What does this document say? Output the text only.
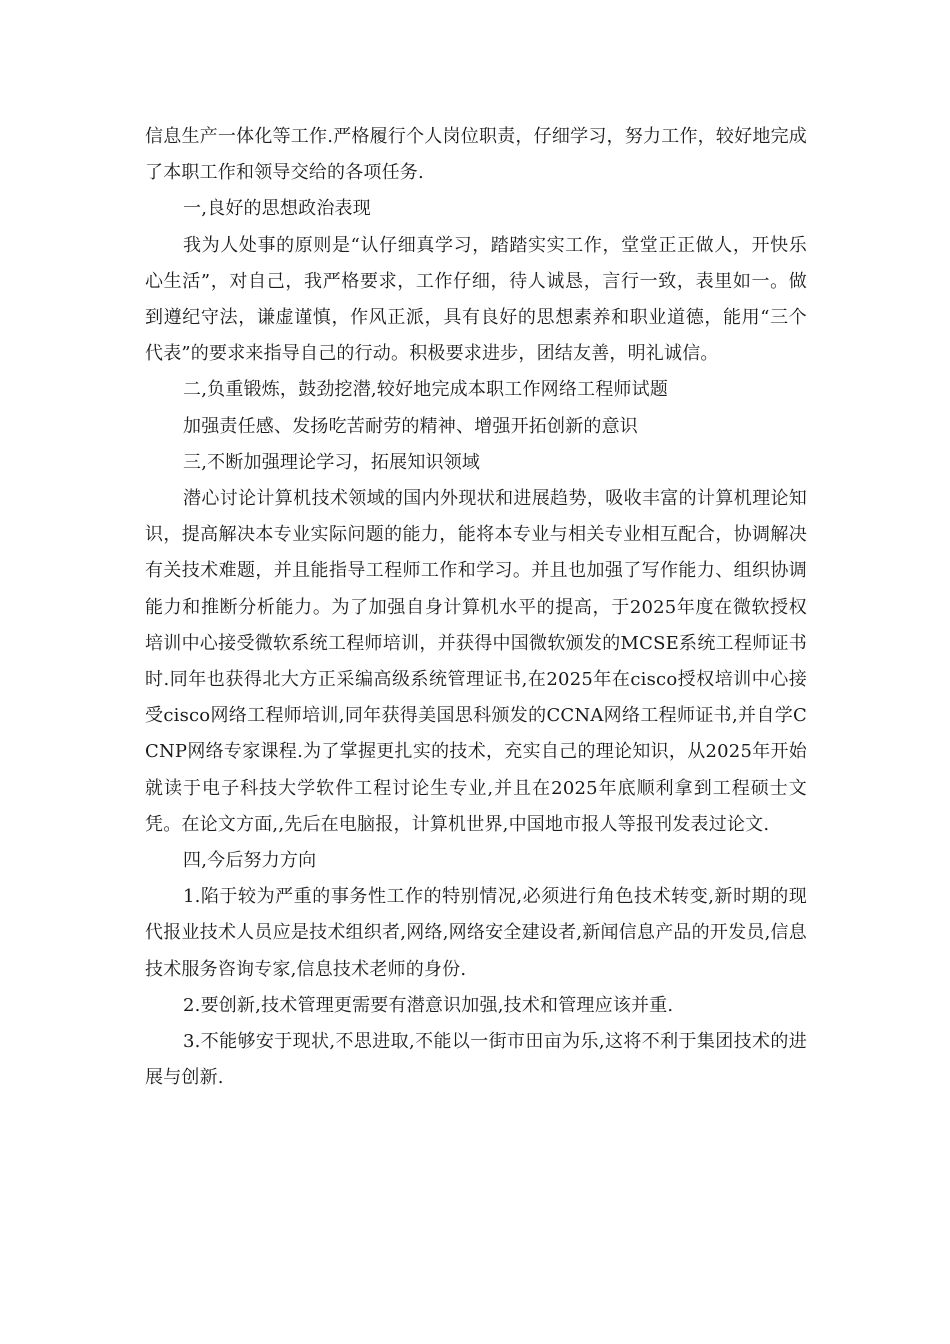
信息生产一体化等工作.严格履行个人岗位职责，仔细学习，努力工作，较好地完成了本职工作和领导交给的各项任务.

一,良好的思想政治表现

我为人处事的原则是“认仔细真学习，踏踏实实工作，堂堂正正做人，开快乐心生活”，对自己，我严格要求，工作仔细，待人诚恳，言行一致，表里如一。做到遵纪守法，谦虚谨慎，作风正派，具有良好的思想素养和职业道德，能用“三个代表”的要求来指导自己的行动。积极要求进步，团结友善，明礼诚信。

二,负重锻炼，鼓劲挖潜,较好地完成本职工作网络工程师试题

加强责任感、发扬吃苦耐劳的精神、增强开拓创新的意识

三,不断加强理论学习，拓展知识领域

潜心讨论计算机技术领域的国内外现状和进展趋势，吸收丰富的计算机理论知识，提高解决本专业实际问题的能力，能将本专业与相关专业相互配合，协调解决有关技术难题，并且能指导工程师工作和学习。并且也加强了写作能力、组织协调能力和推断分析能力。为了加强自身计算机水平的提高，于2025年度在微软授权培训中心接受微软系统工程师培训，并获得中国微软颁发的MCSE系统工程师证书时.同年也获得北大方正采编高级系统管理证书,在2025年在cisco授权培训中心接受cisco网络工程师培训,同年获得美国思科颁发的CCNA网络工程师证书,并自学CCNP网络专家课程.为了掌握更扎实的技术，充实自己的理论知识，从2025年开始就读于电子科技大学软件工程讨论生专业,并且在2025年底顺利拿到工程硕士文凭。在论文方面,,先后在电脑报，计算机世界,中国地市报人等报刊发表过论文.

四,今后努力方向

1.陷于较为严重的事务性工作的特别情况,必须进行角色技术转变,新时期的现代报业技术人员应是技术组织者,网络,网络安全建设者,新闻信息产品的开发员,信息技术服务咨询专家,信息技术老师的身份.

2.要创新,技术管理更需要有潜意识加强,技术和管理应该并重.

3.不能够安于现状,不思进取,不能以一街市田亩为乐,这将不利于集团技术的进展与创新.
